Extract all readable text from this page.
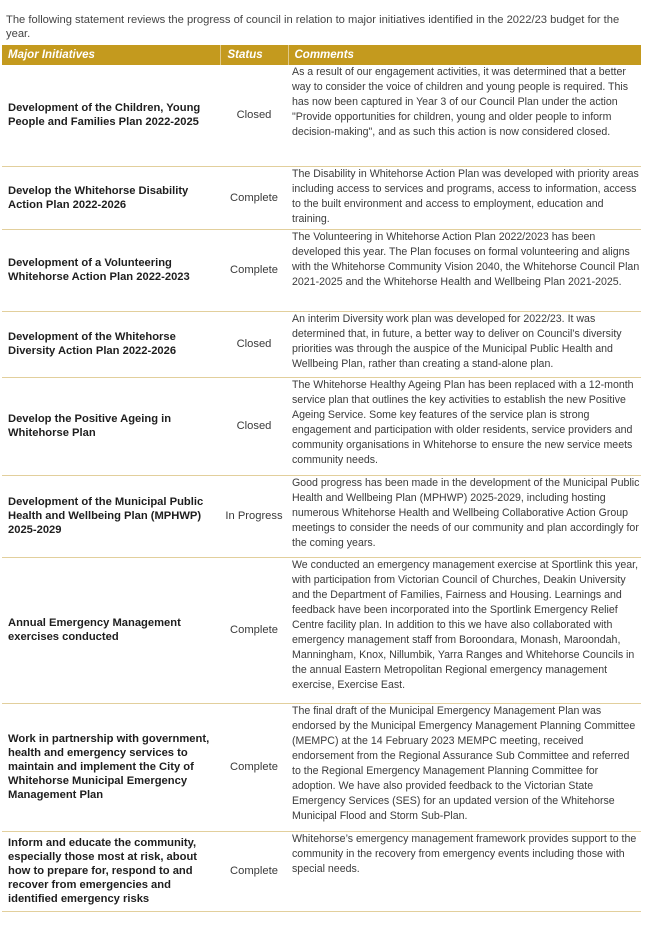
The following statement reviews the progress of council in relation to major initiatives identified in the 2022/23 budget for the year.
Major Initiatives	Status	Comments
Development of the Children, Young People and Families Plan 2022-2025	Closed	As a result of our engagement activities, it was determined that a better way to consider the voice of children and young people is required. This has now been captured in Year 3 of our Council Plan under the action "Provide opportunities for children, young and older people to inform decision-making", and as such this action is now considered closed.
Develop the Whitehorse Disability Action Plan 2022-2026	Complete	The Disability in Whitehorse Action Plan was developed with priority areas including access to services and programs, access to information, access to the built environment and access to employment, education and training.
Development of a Volunteering Whitehorse Action Plan 2022-2023	Complete	The Volunteering in Whitehorse Action Plan 2022/2023 has been developed this year. The Plan focuses on formal volunteering and aligns with the Whitehorse Community Vision 2040, the Whitehorse Council Plan 2021-2025 and the Whitehorse Health and Wellbeing Plan 2021-2025.
Development of the Whitehorse Diversity Action Plan 2022-2026	Closed	An interim Diversity work plan was developed for 2022/23. It was determined that, in future, a better way to deliver on Council’s diversity priorities was through the auspice of the Municipal Public Health and Wellbeing Plan, rather than creating a stand-alone plan.
Develop the Positive Ageing in Whitehorse Plan	Closed	The Whitehorse Healthy Ageing Plan has been replaced with a 12-month service plan that outlines the key activities to establish the new Positive Ageing Service. Some key features of the service plan is strong engagement and participation with older residents, service providers and community organisations in Whitehorse to ensure the new service meets community needs.
Development of the Municipal Public Health and Wellbeing Plan (MPHWP) 2025-2029	In Progress	Good progress has been made in the development of the Municipal Public Health and Wellbeing Plan (MPHWP) 2025-2029, including hosting numerous Whitehorse Health and Wellbeing Collaborative Action Group meetings to consider the needs of our community and plan accordingly for the coming years.
Annual Emergency Management exercises conducted	Complete	We conducted an emergency management exercise at Sportlink this year, with participation from Victorian Council of Churches, Deakin University and the Department of Families, Fairness and Housing. Learnings and feedback have been incorporated into the Sportlink Emergency Relief Centre facility plan. In addition to this we have also collaborated with emergency management staff from Boroondara, Monash, Maroondah, Manningham, Knox, Nillumbik, Yarra Ranges and Whitehorse Councils in the annual Eastern Metropolitan Regional emergency management exercise, Exercise East.
Work in partnership with government, health and emergency services to maintain and implement the City of Whitehorse Municipal Emergency Management Plan	Complete	The final draft of the Municipal Emergency Management Plan was endorsed by the Municipal Emergency Management Planning Committee (MEMPC) at the 14 February 2023 MEMPC meeting, received endorsement from the Regional Assurance Sub Committee and referred to the Regional Emergency Management Planning Committee for adoption. We have also provided feedback to the Victorian State Emergency Services (SES) for an updated version of the Whitehorse Municipal Flood and Storm Sub-Plan.
Inform and educate the community, especially those most at risk, about how to prepare for, respond to and recover from emergencies and identified emergency risks	Complete	Whitehorse’s emergency management framework provides support to the community in the recovery from emergency events including those with special needs.
